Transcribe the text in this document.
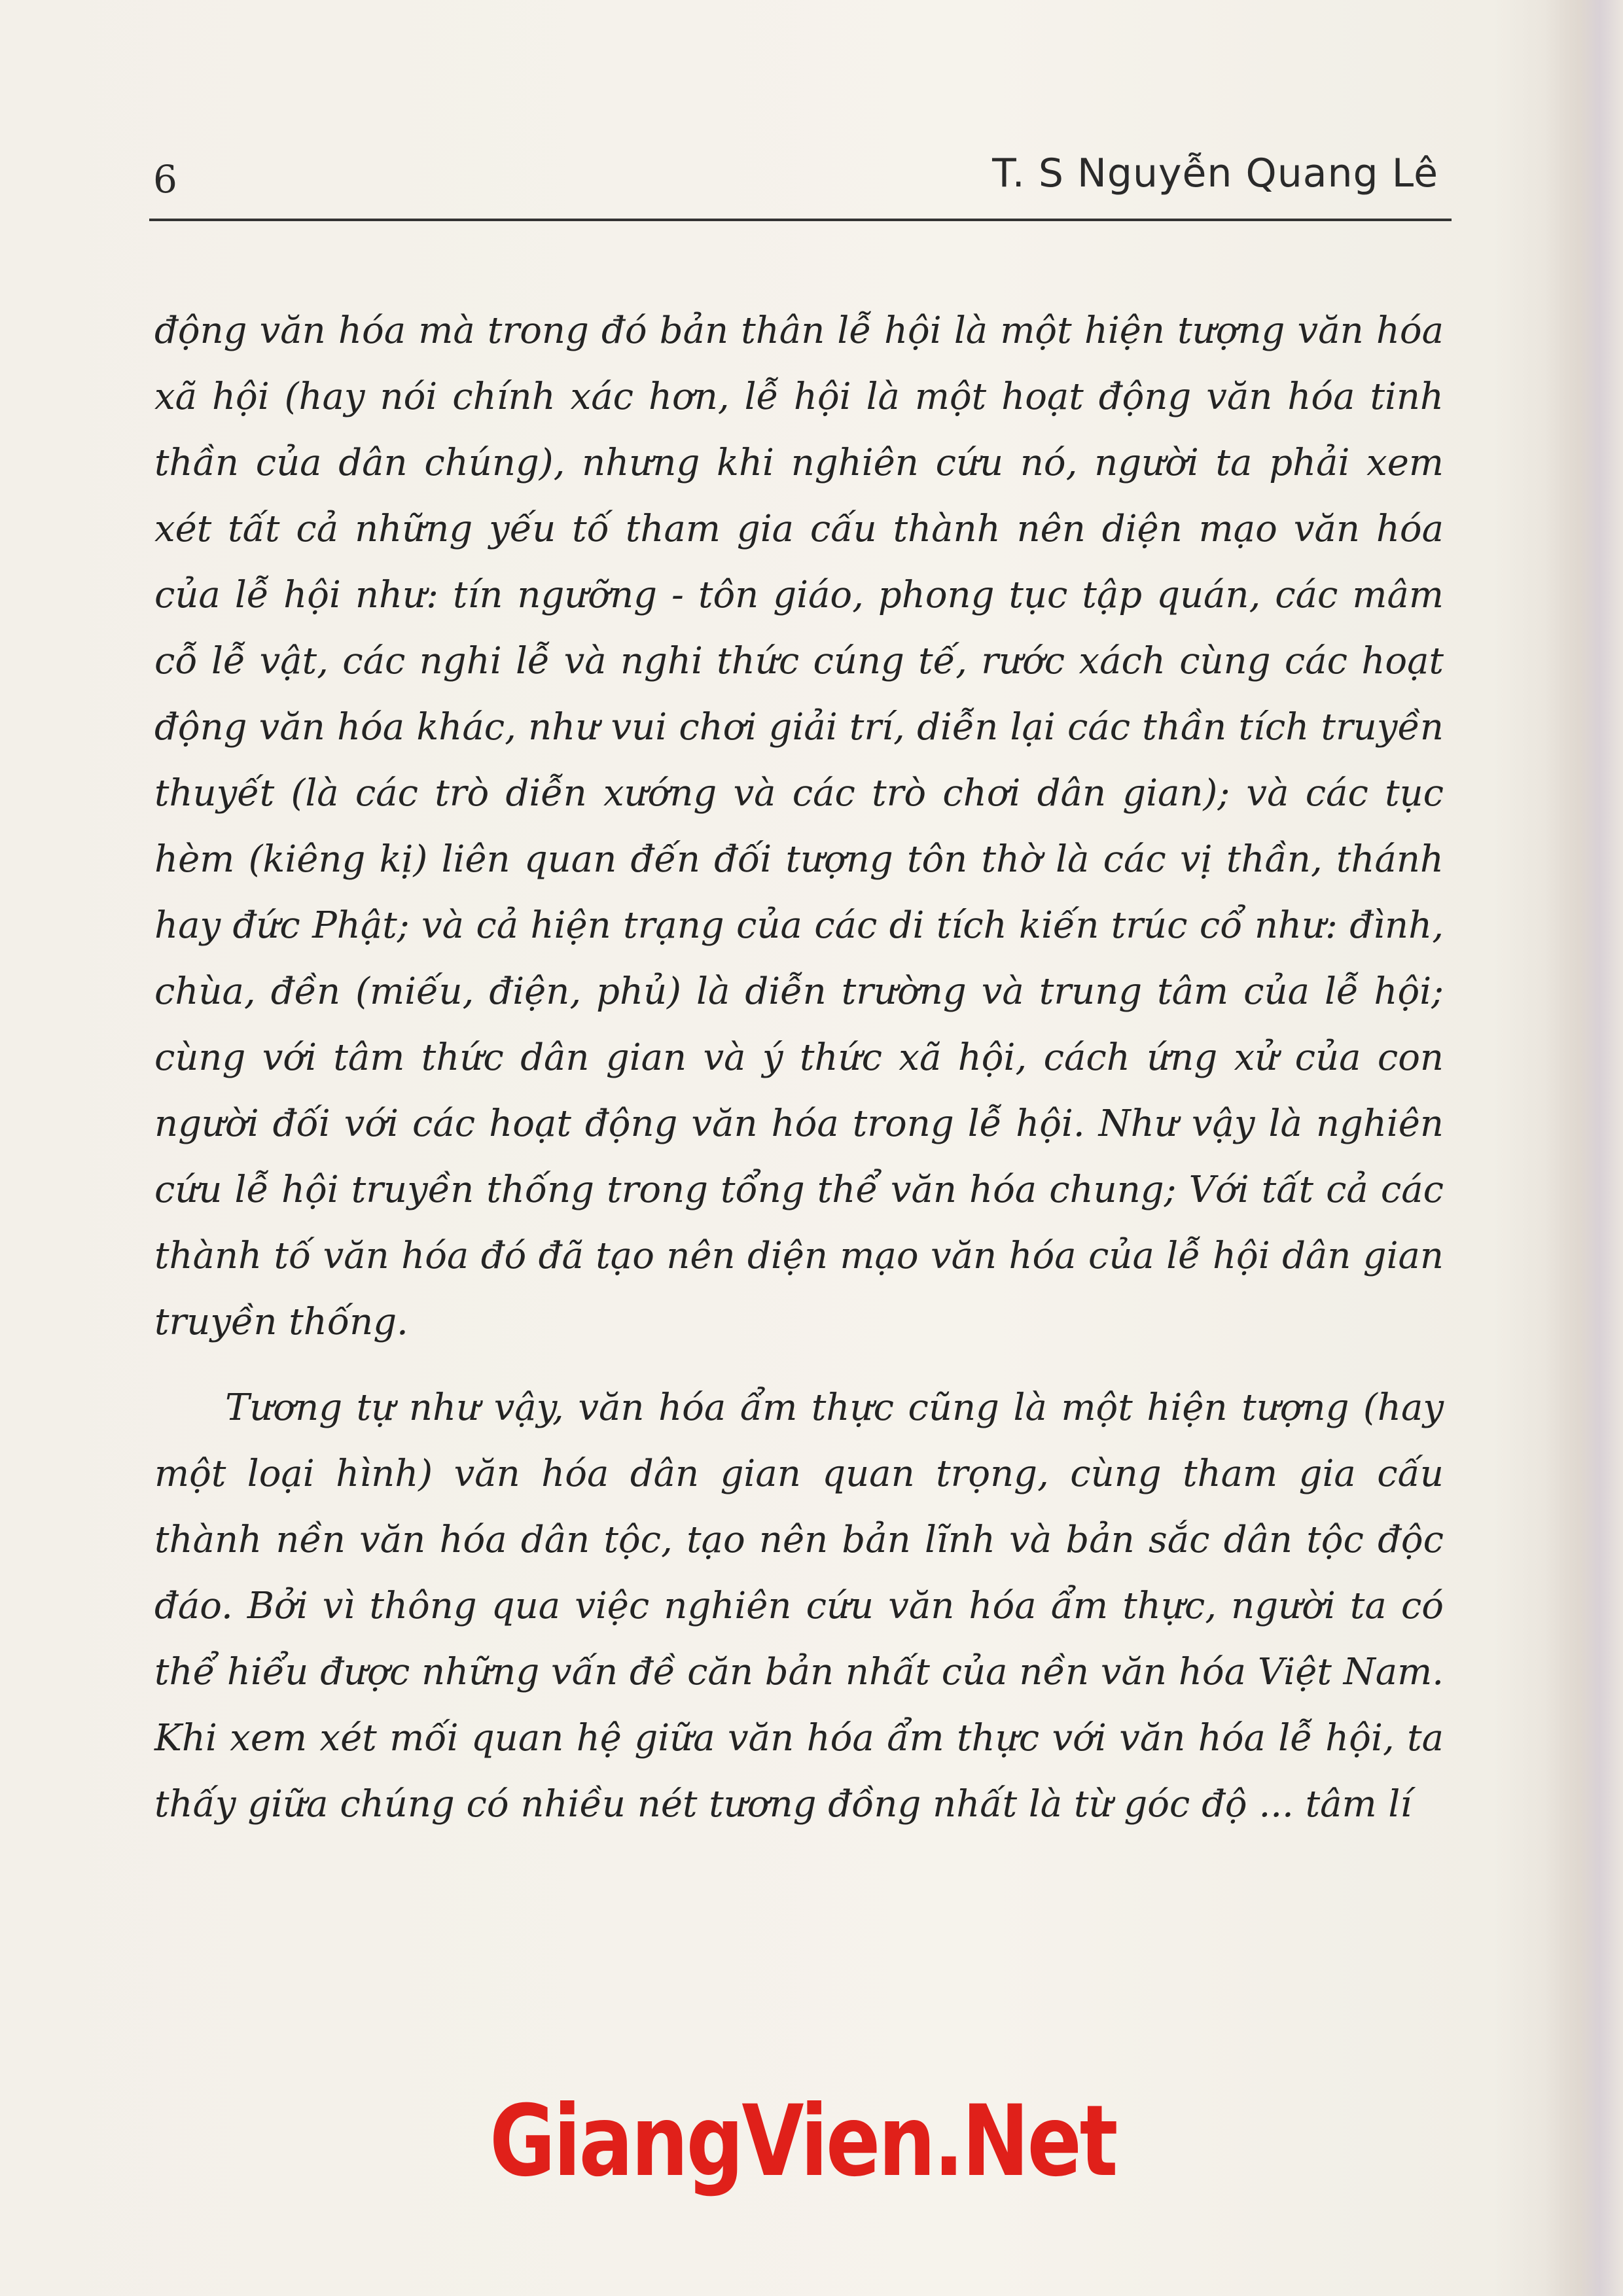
6	T. S Nguyễn Quang Lê

động văn hóa mà trong đó bản thân lễ hội là một hiện tượng văn hóa xã hội (hay nói chính xác hơn, lễ hội là một hoạt động văn hóa tinh thần của dân chúng), nhưng khi nghiên cứu nó, người ta phải xem xét tất cả những yếu tố tham gia cấu thành nên diện mạo văn hóa của lễ hội như: tín ngưỡng - tôn giáo, phong tục tập quán, các mâm cỗ lễ vật, các nghi lễ và nghi thức cúng tế, rước xách cùng các hoạt động văn hóa khác, như vui chơi giải trí, diễn lại các thần tích truyền thuyết (là các trò diễn xướng và các trò chơi dân gian); và các tục hèm (kiêng kị) liên quan đến đối tượng tôn thờ là các vị thần, thánh hay đức Phật; và cả hiện trạng của các di tích kiến trúc cổ như: đình, chùa, đền (miếu, điện, phủ) là diễn trường và trung tâm của lễ hội; cùng với tâm thức dân gian và ý thức xã hội, cách ứng xử của con người đối với các hoạt động văn hóa trong lễ hội. Như vậy là nghiên cứu lễ hội truyền thống trong tổng thể văn hóa chung; Với tất cả các thành tố văn hóa đó đã tạo nên diện mạo văn hóa của lễ hội dân gian truyền thống.

Tương tự như vậy, văn hóa ẩm thực cũng là một hiện tượng (hay một loại hình) văn hóa dân gian quan trọng, cùng tham gia cấu thành nền văn hóa dân tộc, tạo nên bản lĩnh và bản sắc dân tộc độc đáo. Bởi vì thông qua việc nghiên cứu văn hóa ẩm thực, người ta có thể hiểu được những vấn đề căn bản nhất của nền văn hóa Việt Nam. Khi xem xét mối quan hệ giữa văn hóa ẩm thực với văn hóa lễ hội, ta thấy giữa chúng có nhiều nét tương đồng nhất là từ góc độ ... tâm lí

GiangVien.Net
